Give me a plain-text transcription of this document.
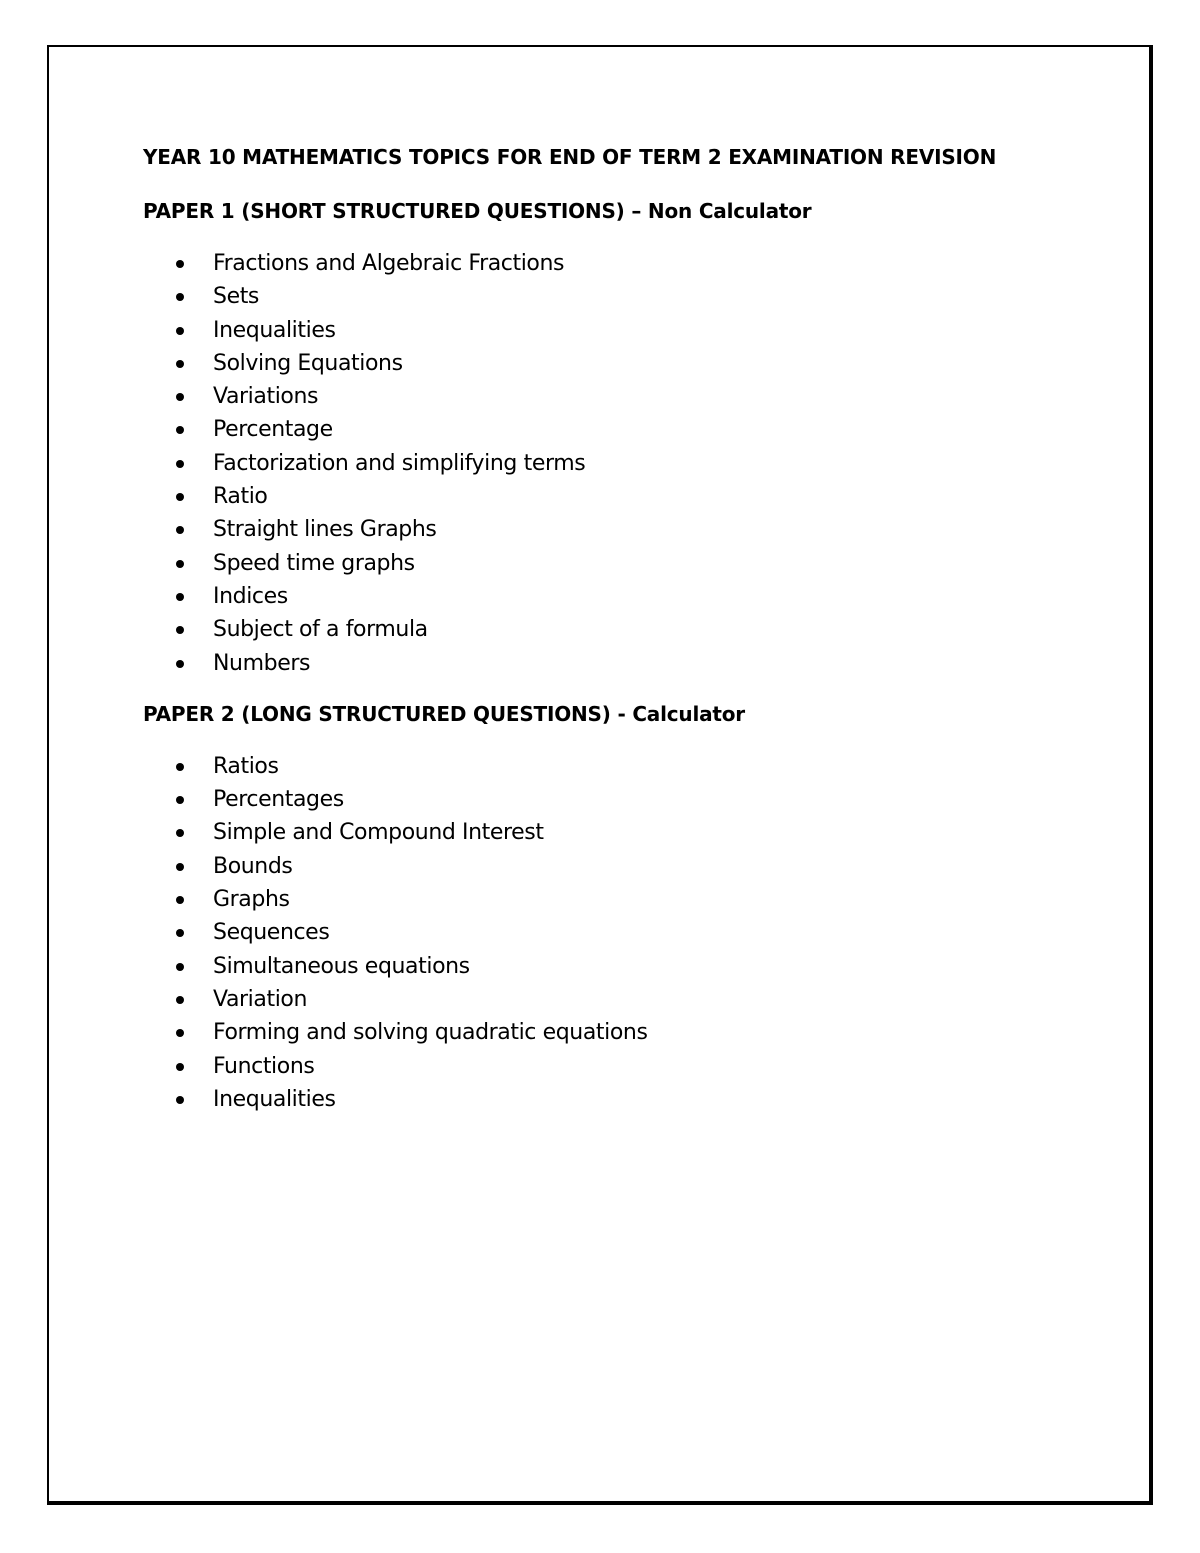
YEAR 10 MATHEMATICS TOPICS FOR END OF TERM 2 EXAMINATION REVISION
PAPER 1 (SHORT STRUCTURED QUESTIONS) – Non Calculator
Fractions and Algebraic Fractions
Sets
Inequalities
Solving Equations
Variations
Percentage
Factorization and simplifying terms
Ratio
Straight lines Graphs
Speed time graphs
Indices
Subject of a formula
Numbers
PAPER 2 (LONG STRUCTURED QUESTIONS) - Calculator
Ratios
Percentages
Simple and Compound Interest
Bounds
Graphs
Sequences
Simultaneous equations
Variation
Forming and solving quadratic equations
Functions
Inequalities
